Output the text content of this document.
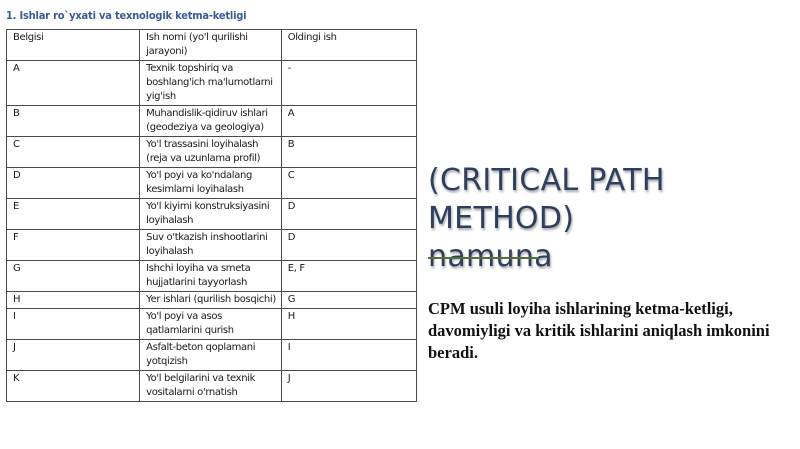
1. Ishlar ro`yxati va texnologik ketma-ketligi
Belgisi	Ish nomi (yo'l qurilishi jarayoni)	Oldingi ish
A	Texnik topshiriq va boshlang'ich ma'lumotlarni yig'ish	-
B	Muhandislik-qidiruv ishlari (geodeziya va geologiya)	A
C	Yo'l trassasini loyihalash (reja va uzunlama profil)	B
D	Yo'l poyi va ko'ndalang kesimlarni loyihalash	C
E	Yo'l kiyimi konstruksiyasini loyihalash	D
F	Suv o'tkazish inshootlarini loyihalash	D
G	Ishchi loyiha va smeta hujjatlarini tayyorlash	E, F
H	Yer ishlari (qurilish bosqichi)	G
I	Yo'l poyi va asos qatlamlarini qurish	H
J	Asfalt-beton qoplamani yotqizish	I
K	Yo'l belgilarini va texnik vositalarni o'rnatish	J
(CRITICAL PATH
METHOD)
namuna
CPM usuli loyiha ishlarining ketma-ketligi, davomiyligi va kritik ishlarini aniqlash imkonini beradi.
